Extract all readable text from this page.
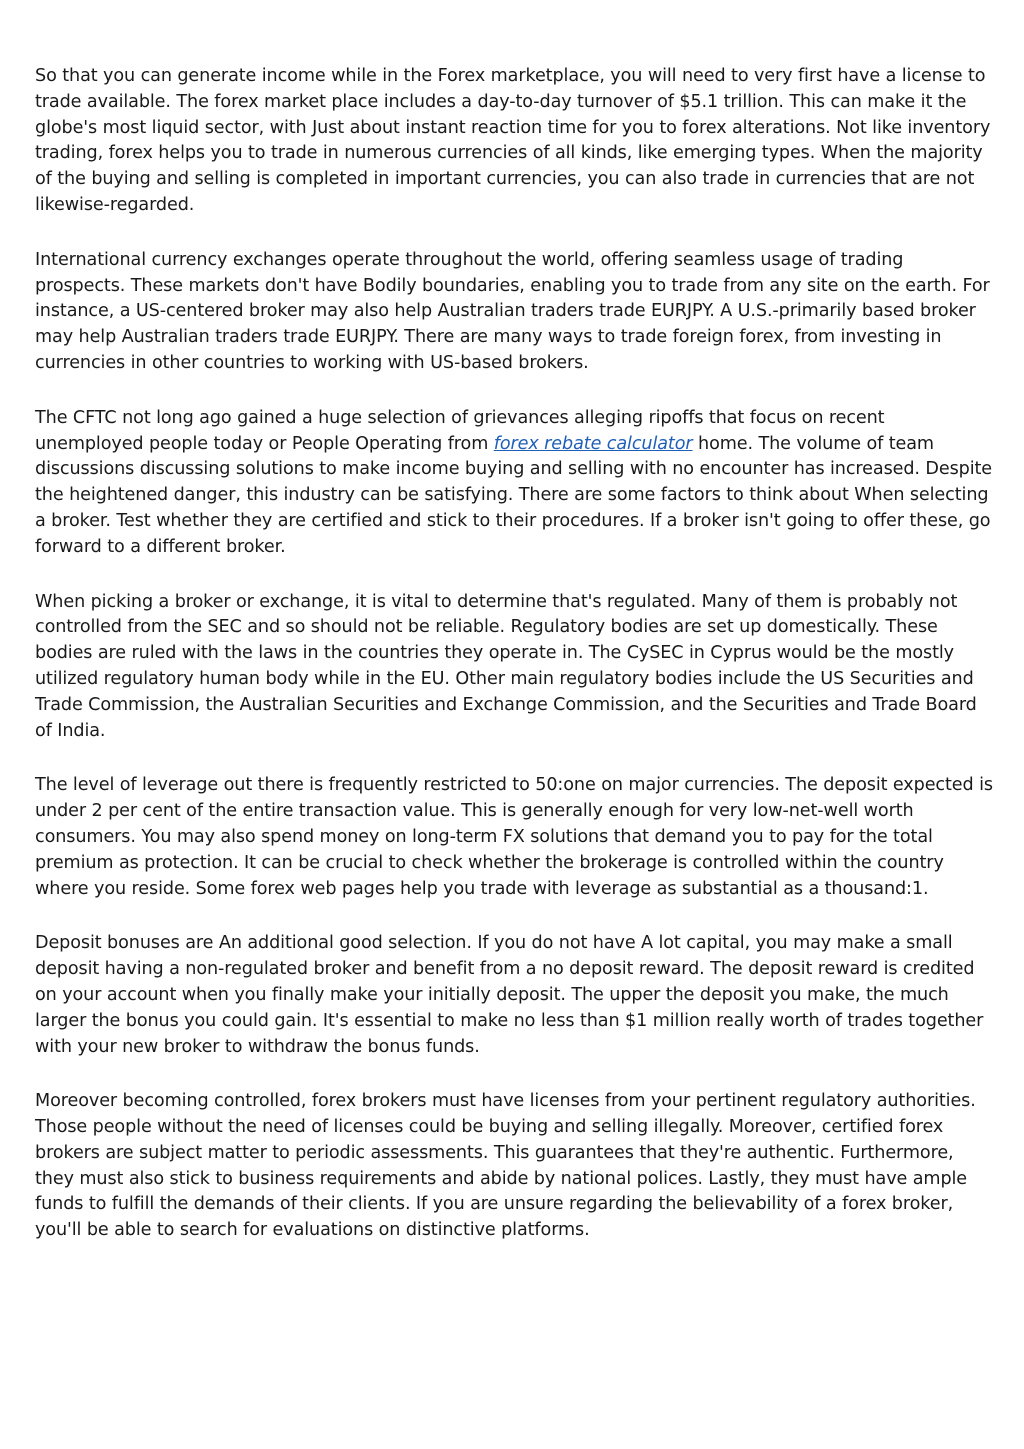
So that you can generate income while in the Forex marketplace, you will need to very first have a license to trade available. The forex market place includes a day-to-day turnover of $5.1 trillion. This can make it the globe's most liquid sector, with Just about instant reaction time for you to forex alterations. Not like inventory trading, forex helps you to trade in numerous currencies of all kinds, like emerging types. When the majority of the buying and selling is completed in important currencies, you can also trade in currencies that are not likewise-regarded.

International currency exchanges operate throughout the world, offering seamless usage of trading prospects. These markets don't have Bodily boundaries, enabling you to trade from any site on the earth. For instance, a US-centered broker may also help Australian traders trade EURJPY. A U.S.-primarily based broker may help Australian traders trade EURJPY. There are many ways to trade foreign forex, from investing in currencies in other countries to working with US-based brokers.

The CFTC not long ago gained a huge selection of grievances alleging ripoffs that focus on recent unemployed people today or People Operating from forex rebate calculator home. The volume of team discussions discussing solutions to make income buying and selling with no encounter has increased. Despite the heightened danger, this industry can be satisfying. There are some factors to think about When selecting a broker. Test whether they are certified and stick to their procedures. If a broker isn't going to offer these, go forward to a different broker.

When picking a broker or exchange, it is vital to determine that's regulated. Many of them is probably not controlled from the SEC and so should not be reliable. Regulatory bodies are set up domestically. These bodies are ruled with the laws in the countries they operate in. The CySEC in Cyprus would be the mostly utilized regulatory human body while in the EU. Other main regulatory bodies include the US Securities and Trade Commission, the Australian Securities and Exchange Commission, and the Securities and Trade Board of India.

The level of leverage out there is frequently restricted to 50:one on major currencies. The deposit expected is under 2 per cent of the entire transaction value. This is generally enough for very low-net-well worth consumers. You may also spend money on long-term FX solutions that demand you to pay for the total premium as protection. It can be crucial to check whether the brokerage is controlled within the country where you reside. Some forex web pages help you trade with leverage as substantial as a thousand:1.

Deposit bonuses are An additional good selection. If you do not have A lot capital, you may make a small deposit having a non-regulated broker and benefit from a no deposit reward. The deposit reward is credited on your account when you finally make your initially deposit. The upper the deposit you make, the much larger the bonus you could gain. It's essential to make no less than $1 million really worth of trades together with your new broker to withdraw the bonus funds.

Moreover becoming controlled, forex brokers must have licenses from your pertinent regulatory authorities. Those people without the need of licenses could be buying and selling illegally. Moreover, certified forex brokers are subject matter to periodic assessments. This guarantees that they're authentic. Furthermore, they must also stick to business requirements and abide by national polices. Lastly, they must have ample funds to fulfill the demands of their clients. If you are unsure regarding the believability of a forex broker, you'll be able to search for evaluations on distinctive platforms.
